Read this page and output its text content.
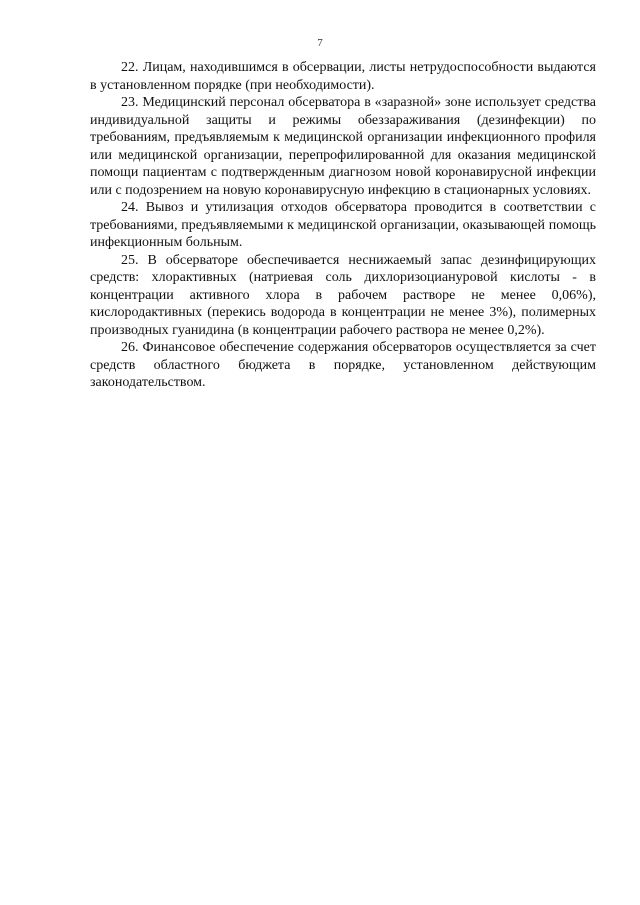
7

22. Лицам, находившимся в обсервации, листы нетрудоспособности выдаются в установленном порядке (при необходимости).

23. Медицинский персонал обсерватора в «заразной» зоне использует средства индивидуальной защиты и режимы обеззараживания (дезинфекции) по требованиям, предъявляемым к медицинской организации инфекционного профиля или медицинской организации, перепрофилированной для оказания медицинской помощи пациентам с подтвержденным диагнозом новой коронавирусной инфекции или с подозрением на новую коронавирусную инфекцию в стационарных условиях.

24. Вывоз и утилизация отходов обсерватора проводится в соответствии с требованиями, предъявляемыми к медицинской организации, оказывающей помощь инфекционным больным.

25. В обсерваторе обеспечивается неснижаемый запас дезинфицирующих средств: хлорактивных (натриевая соль дихлоризоциануровой кислоты - в концентрации активного хлора в рабочем растворе не менее 0,06%), кислородактивных (перекись водорода в концентрации не менее 3%), полимерных производных гуанидина (в концентрации рабочего раствора не менее 0,2%).

26. Финансовое обеспечение содержания обсерваторов осуществляется за счет средств областного бюджета в порядке, установленном действующим законодательством.
